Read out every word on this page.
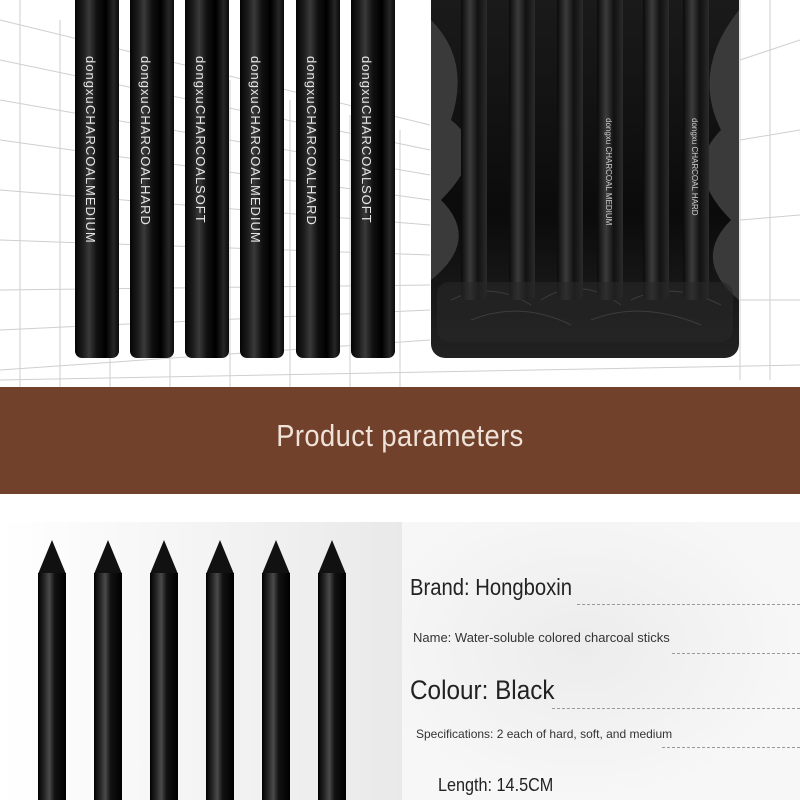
dongxuCHARCOALMEDIUM
dongxuCHARCOALHARD
dongxuCHARCOALSOFT
dongxuCHARCOALMEDIUM
dongxuCHARCOALHARD
dongxuCHARCOALSOFT	dongxu CHARCOAL MEDIUM	dongxu CHARCOAL HARD
Product parameters
Brand: Hongboxin
Name: Water-soluble colored charcoal sticks
Colour: Black
Specifications: 2 each of hard, soft, and medium
Length: 14.5CM
